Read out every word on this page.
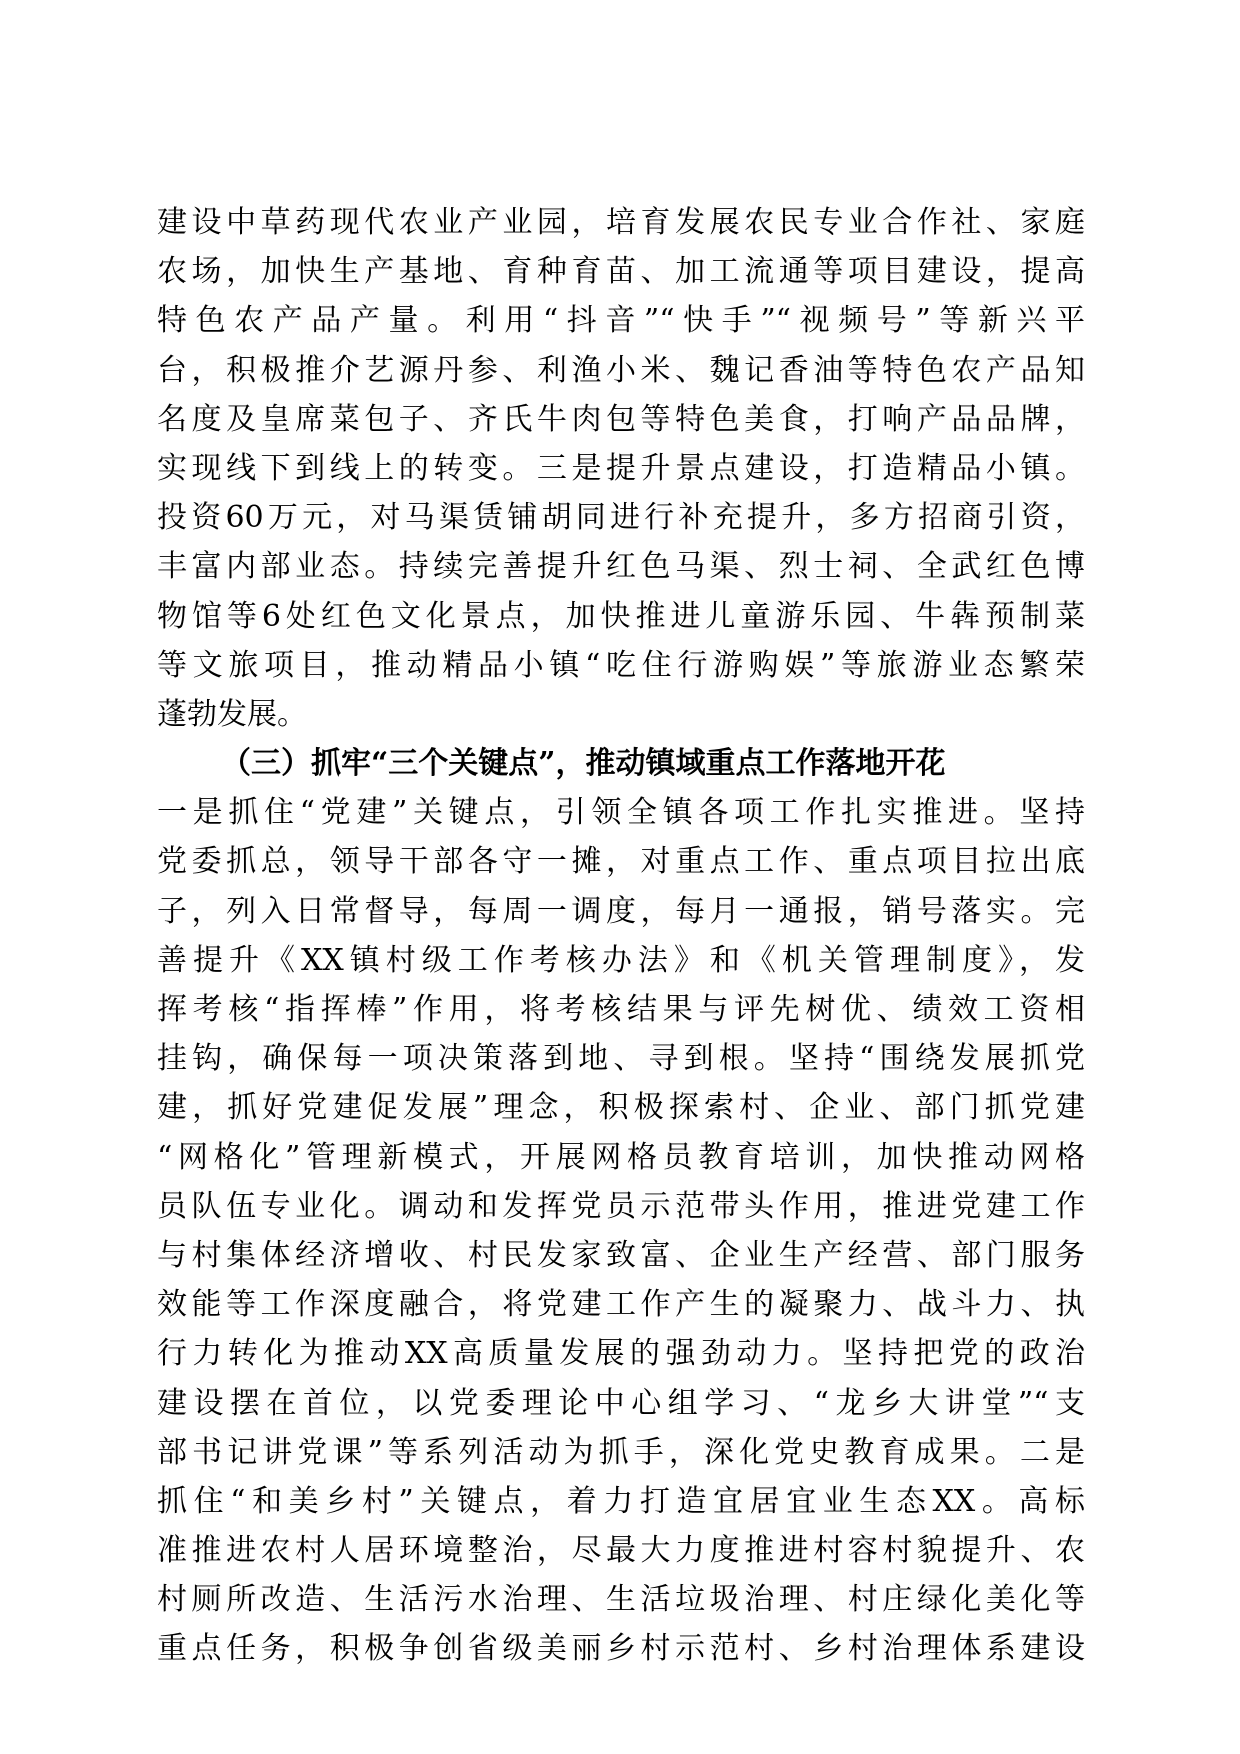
建设中草药现代农业产业园，培育发展农民专业合作社、家庭
农场，加快生产基地、育种育苗、加工流通等项目建设，提高
特色农产品产量。利用“抖音”“快手”“视频号”等新兴平
台，积极推介艺源丹参、利渔小米、魏记香油等特色农产品知
名度及皇席菜包子、齐氏牛肉包等特色美食，打响产品品牌，
实现线下到线上的转变。三是提升景点建设，打造精品小镇。
投资60万元，对马渠赁铺胡同进行补充提升，多方招商引资，
丰富内部业态。持续完善提升红色马渠、烈士祠、全武红色博
物馆等6处红色文化景点，加快推进儿童游乐园、牛犇预制菜
等文旅项目，推动精品小镇“吃住行游购娱”等旅游业态繁荣
蓬勃发展。
（三）抓牢“三个关键点”，推动镇域重点工作落地开花
一是抓住“党建”关键点，引领全镇各项工作扎实推进。坚持
党委抓总，领导干部各守一摊，对重点工作、重点项目拉出底
子，列入日常督导，每周一调度，每月一通报，销号落实。完
善提升《XX镇村级工作考核办法》和《机关管理制度》，发
挥考核“指挥棒”作用，将考核结果与评先树优、绩效工资相
挂钩，确保每一项决策落到地、寻到根。坚持“围绕发展抓党
建，抓好党建促发展”理念，积极探索村、企业、部门抓党建
“网格化”管理新模式，开展网格员教育培训，加快推动网格
员队伍专业化。调动和发挥党员示范带头作用，推进党建工作
与村集体经济增收、村民发家致富、企业生产经营、部门服务
效能等工作深度融合，将党建工作产生的凝聚力、战斗力、执
行力转化为推动XX高质量发展的强劲动力。坚持把党的政治
建设摆在首位，以党委理论中心组学习、“龙乡大讲堂”“支
部书记讲党课”等系列活动为抓手，深化党史教育成果。二是
抓住“和美乡村”关键点，着力打造宜居宜业生态XX。高标
准推进农村人居环境整治，尽最大力度推进村容村貌提升、农
村厕所改造、生活污水治理、生活垃圾治理、村庄绿化美化等
重点任务，积极争创省级美丽乡村示范村、乡村治理体系建设
